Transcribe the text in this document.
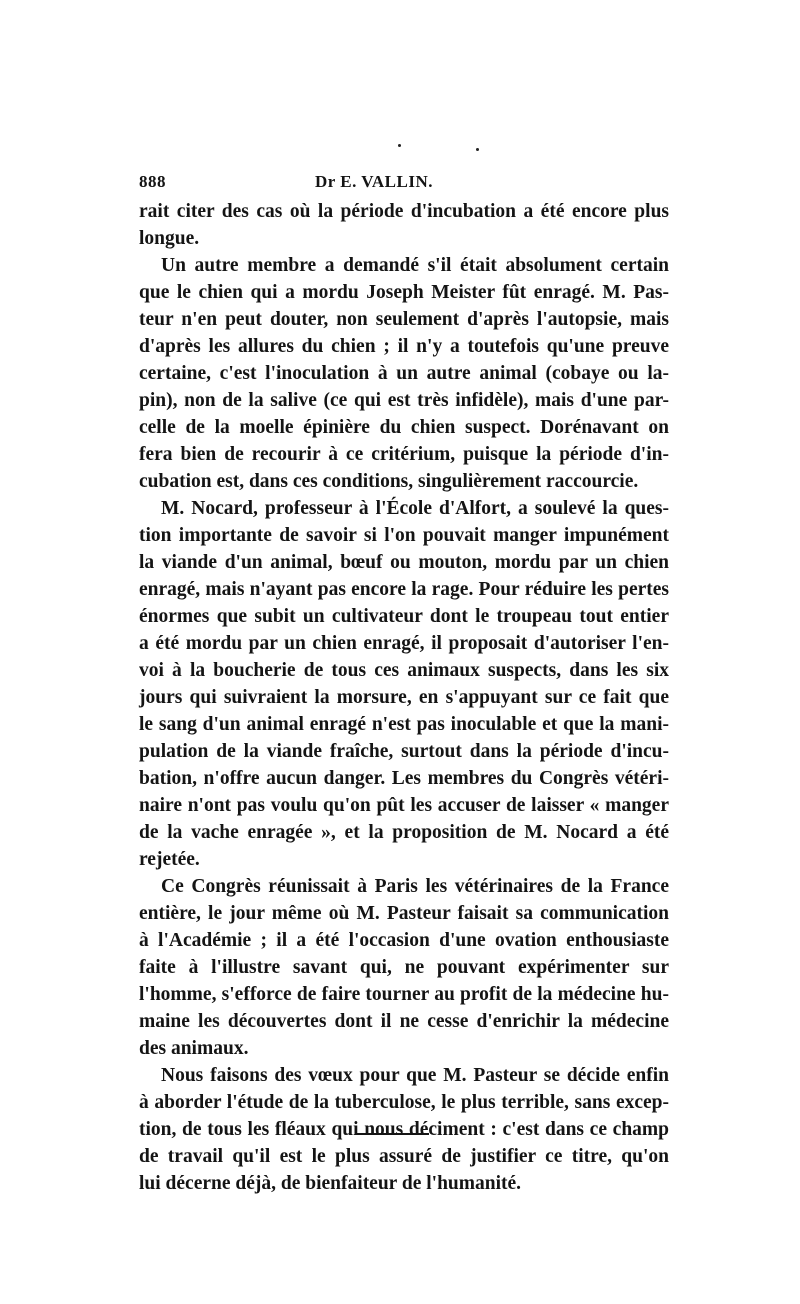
888	Dr E. VALLIN.
rait citer des cas où la période d'incubation a été encore plus
longue.
Un autre membre a demandé s'il était absolument certain
que le chien qui a mordu Joseph Meister fût enragé. M. Pas-
teur n'en peut douter, non seulement d'après l'autopsie, mais
d'après les allures du chien ; il n'y a toutefois qu'une preuve
certaine, c'est l'inoculation à un autre animal (cobaye ou la-
pin), non de la salive (ce qui est très infidèle), mais d'une par-
celle de la moelle épinière du chien suspect. Dorénavant on
fera bien de recourir à ce critérium, puisque la période d'in-
cubation est, dans ces conditions, singulièrement raccourcie.
M. Nocard, professeur à l'École d'Alfort, a soulevé la ques-
tion importante de savoir si l'on pouvait manger impunément
la viande d'un animal, bœuf ou mouton, mordu par un chien
enragé, mais n'ayant pas encore la rage. Pour réduire les pertes
énormes que subit un cultivateur dont le troupeau tout entier
a été mordu par un chien enragé, il proposait d'autoriser l'en-
voi à la boucherie de tous ces animaux suspects, dans les six
jours qui suivraient la morsure, en s'appuyant sur ce fait que
le sang d'un animal enragé n'est pas inoculable et que la mani-
pulation de la viande fraîche, surtout dans la période d'incu-
bation, n'offre aucun danger. Les membres du Congrès vétéri-
naire n'ont pas voulu qu'on pût les accuser de laisser « manger
de la vache enragée », et la proposition de M. Nocard a été
rejetée.
Ce Congrès réunissait à Paris les vétérinaires de la France
entière, le jour même où M. Pasteur faisait sa communication
à l'Académie ; il a été l'occasion d'une ovation enthousiaste
faite à l'illustre savant qui, ne pouvant expérimenter sur
l'homme, s'efforce de faire tourner au profit de la médecine hu-
maine les découvertes dont il ne cesse d'enrichir la médecine
des animaux.
Nous faisons des vœux pour que M. Pasteur se décide enfin
à aborder l'étude de la tuberculose, le plus terrible, sans excep-
tion, de tous les fléaux qui nous déciment : c'est dans ce champ
de travail qu'il est le plus assuré de justifier ce titre, qu'on
lui décerne déjà, de bienfaiteur de l'humanité.
